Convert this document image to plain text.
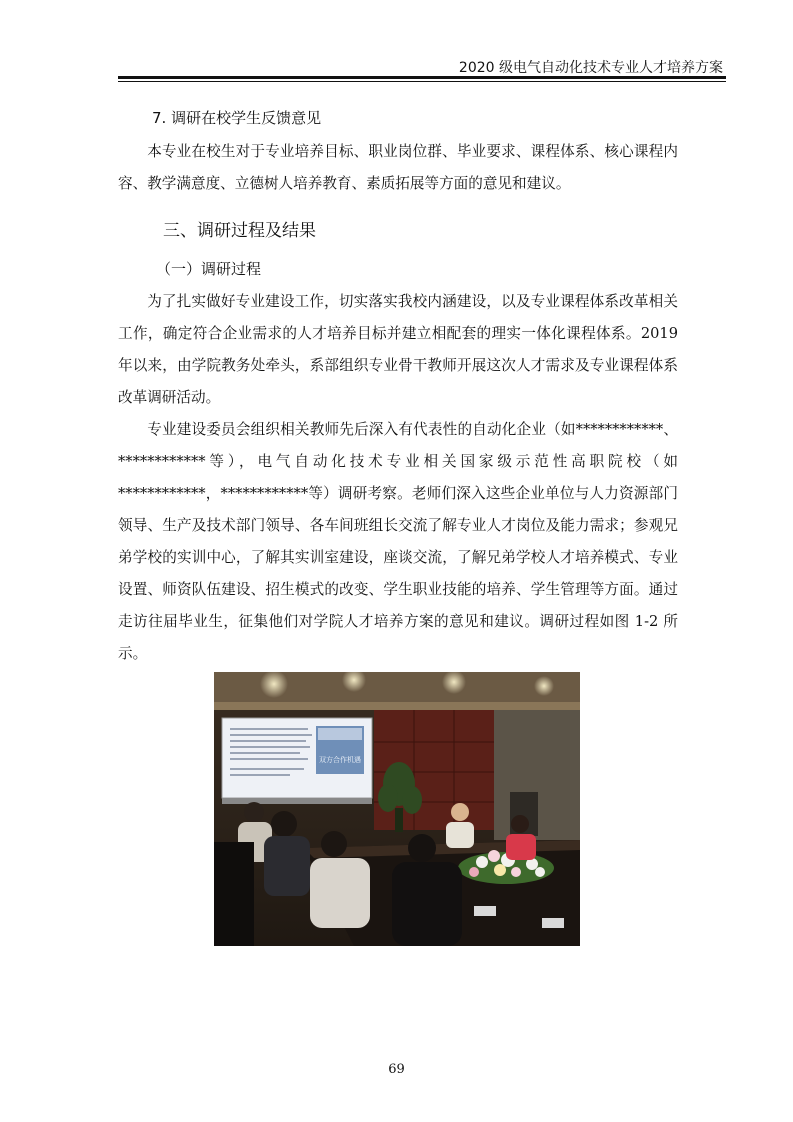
2020 级电气自动化技术专业人才培养方案
7. 调研在校学生反馈意见
本专业在校生对于专业培养目标、职业岗位群、毕业要求、课程体系、核心课程内容、教学满意度、立德树人培养教育、素质拓展等方面的意见和建议。
三、调研过程及结果
（一）调研过程
为了扎实做好专业建设工作，切实落实我校内涵建设，以及专业课程体系改革相关工作，确定符合企业需求的人才培养目标并建立相配套的理实一体化课程体系。2019 年以来，由学院教务处牵头，系部组织专业骨干教师开展这次人才需求及专业课程体系改革调研活动。
专业建设委员会组织相关教师先后深入有代表性的自动化企业（如************、************等），电气自动化技术专业相关国家级示范性高职院校（如************，************等）调研考察。老师们深入这些企业单位与人力资源部门领导、生产及技术部门领导、各车间班组长交流了解专业人才岗位及能力需求；参观兄弟学校的实训中心，了解其实训室建设，座谈交流，了解兄弟学校人才培养模式、专业设置、师资队伍建设、招生模式的改变、学生职业技能的培养、学生管理等方面。通过走访往届毕业生，征集他们对学院人才培养方案的意见和建议。调研过程如图 1-2 所示。
双方合作机遇
69
